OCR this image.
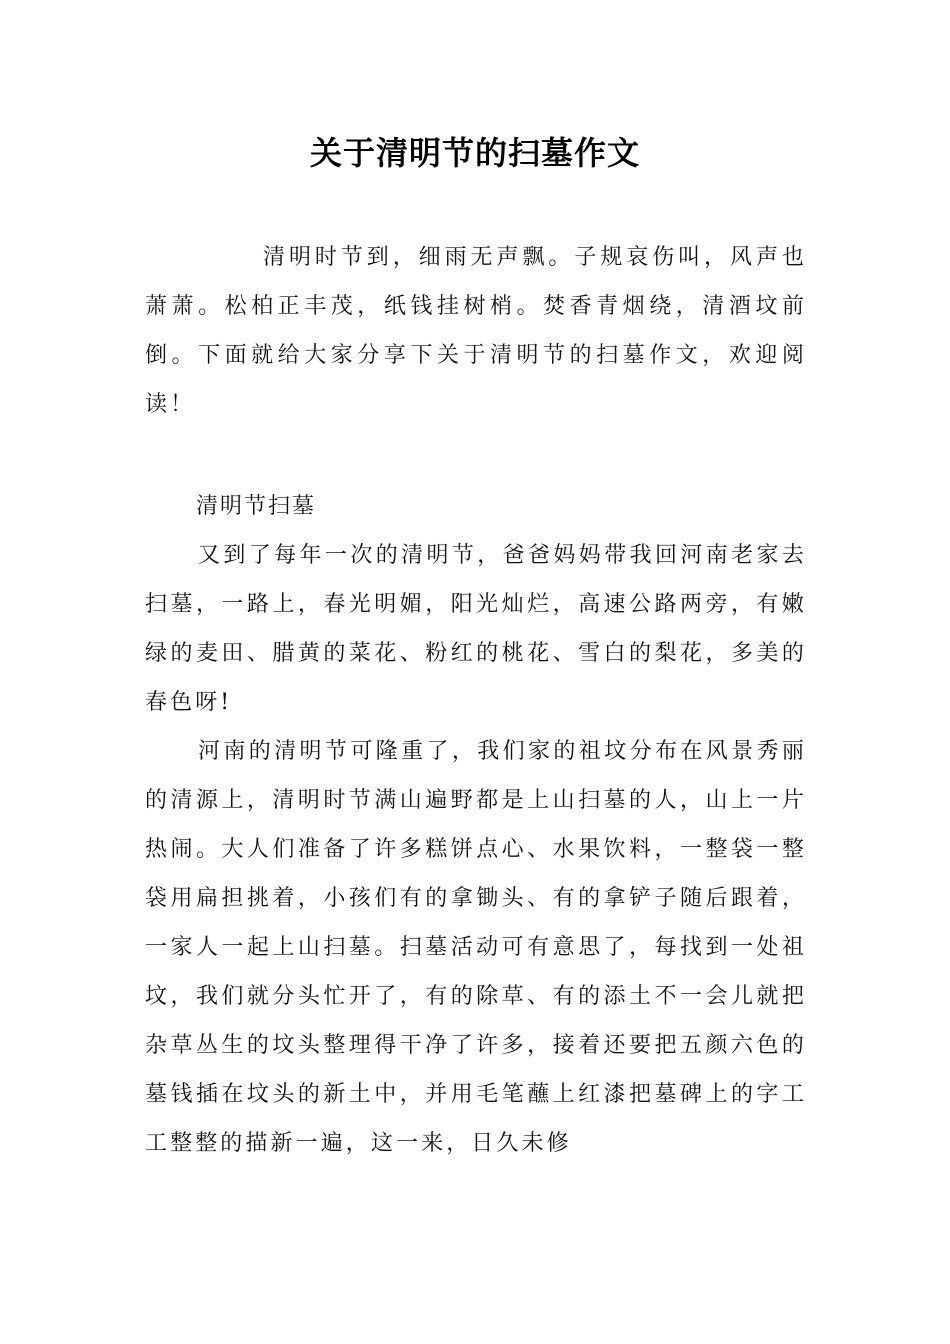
关于清明节的扫墓作文

清明时节到，细雨无声飘。子规哀伤叫，风声也萧萧。松柏正丰茂，纸钱挂树梢。焚香青烟绕，清酒坟前倒。下面就给大家分享下关于清明节的扫墓作文，欢迎阅读！

清明节扫墓

又到了每年一次的清明节，爸爸妈妈带我回河南老家去扫墓，一路上，春光明媚，阳光灿烂，高速公路两旁，有嫩绿的麦田、腊黄的菜花、粉红的桃花、雪白的梨花，多美的春色呀!

河南的清明节可隆重了，我们家的祖坟分布在风景秀丽的清源上，清明时节满山遍野都是上山扫墓的人，山上一片热闹。大人们准备了许多糕饼点心、水果饮料，一整袋一整袋用扁担挑着，小孩们有的拿锄头、有的拿铲子随后跟着，一家人一起上山扫墓。扫墓活动可有意思了，每找到一处祖坟，我们就分头忙开了，有的除草、有的添土不一会儿就把杂草丛生的坟头整理得干净了许多，接着还要把五颜六色的墓钱插在坟头的新土中，并用毛笔蘸上红漆把墓碑上的字工工整整的描新一遍，这一来，日久未修
